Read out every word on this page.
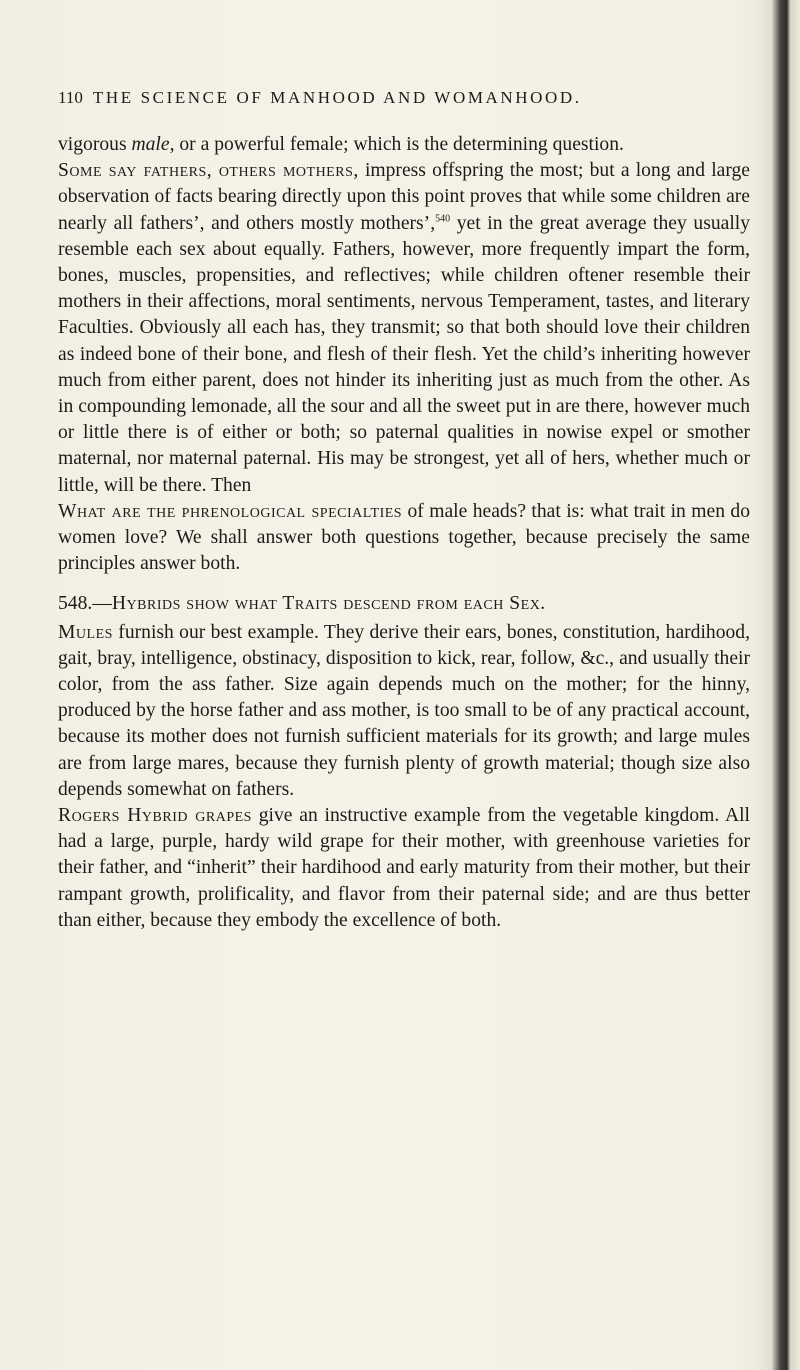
110 THE SCIENCE OF MANHOOD AND WOMANHOOD.

vigorous male, or a powerful female; which is the determining question.

Some say fathers, others mothers, impress offspring the most; but a long and large observation of facts bearing directly upon this point proves that while some children are nearly all fathers’, and others mostly mothers’,$^{540}$ yet in the great average they usually resemble each sex about equally. Fathers, however, more frequently impart the form, bones, muscles, propensities, and reflectives; while children oftener resemble their mothers in their affections, moral sentiments, nervous Temperament, tastes, and literary Faculties. Obviously all each has, they transmit; so that both should love their children as indeed bone of their bone, and flesh of their flesh. Yet the child’s inheriting however much from either parent, does not hinder its inheriting just as much from the other. As in compounding lemonade, all the sour and all the sweet put in are there, however much or little there is of either or both; so paternal qualities in nowise expel or smother maternal, nor maternal paternal. His may be strongest, yet all of hers, whether much or little, will be there. Then

What are the phrenological specialties of male heads? that is: what trait in men do women love? We shall answer both questions together, because precisely the same principles answer both.

548.—Hybrids show what Traits descend from each Sex.

Mules furnish our best example. They derive their ears, bones, constitution, hardihood, gait, bray, intelligence, obstinacy, disposition to kick, rear, follow, &c., and usually their color, from the ass father. Size again depends much on the mother; for the hinny, produced by the horse father and ass mother, is too small to be of any practical account, because its mother does not furnish sufficient materials for its growth; and large mules are from large mares, because they furnish plenty of growth material; though size also depends somewhat on fathers.

Rogers Hybrid grapes give an instructive example from the vegetable kingdom. All had a large, purple, hardy wild grape for their mother, with greenhouse varieties for their father, and “inherit” their hardihood and early maturity from their mother, but their rampant growth, prolificality, and flavor from their paternal side; and are thus better than either, because they embody the excellence of both.
